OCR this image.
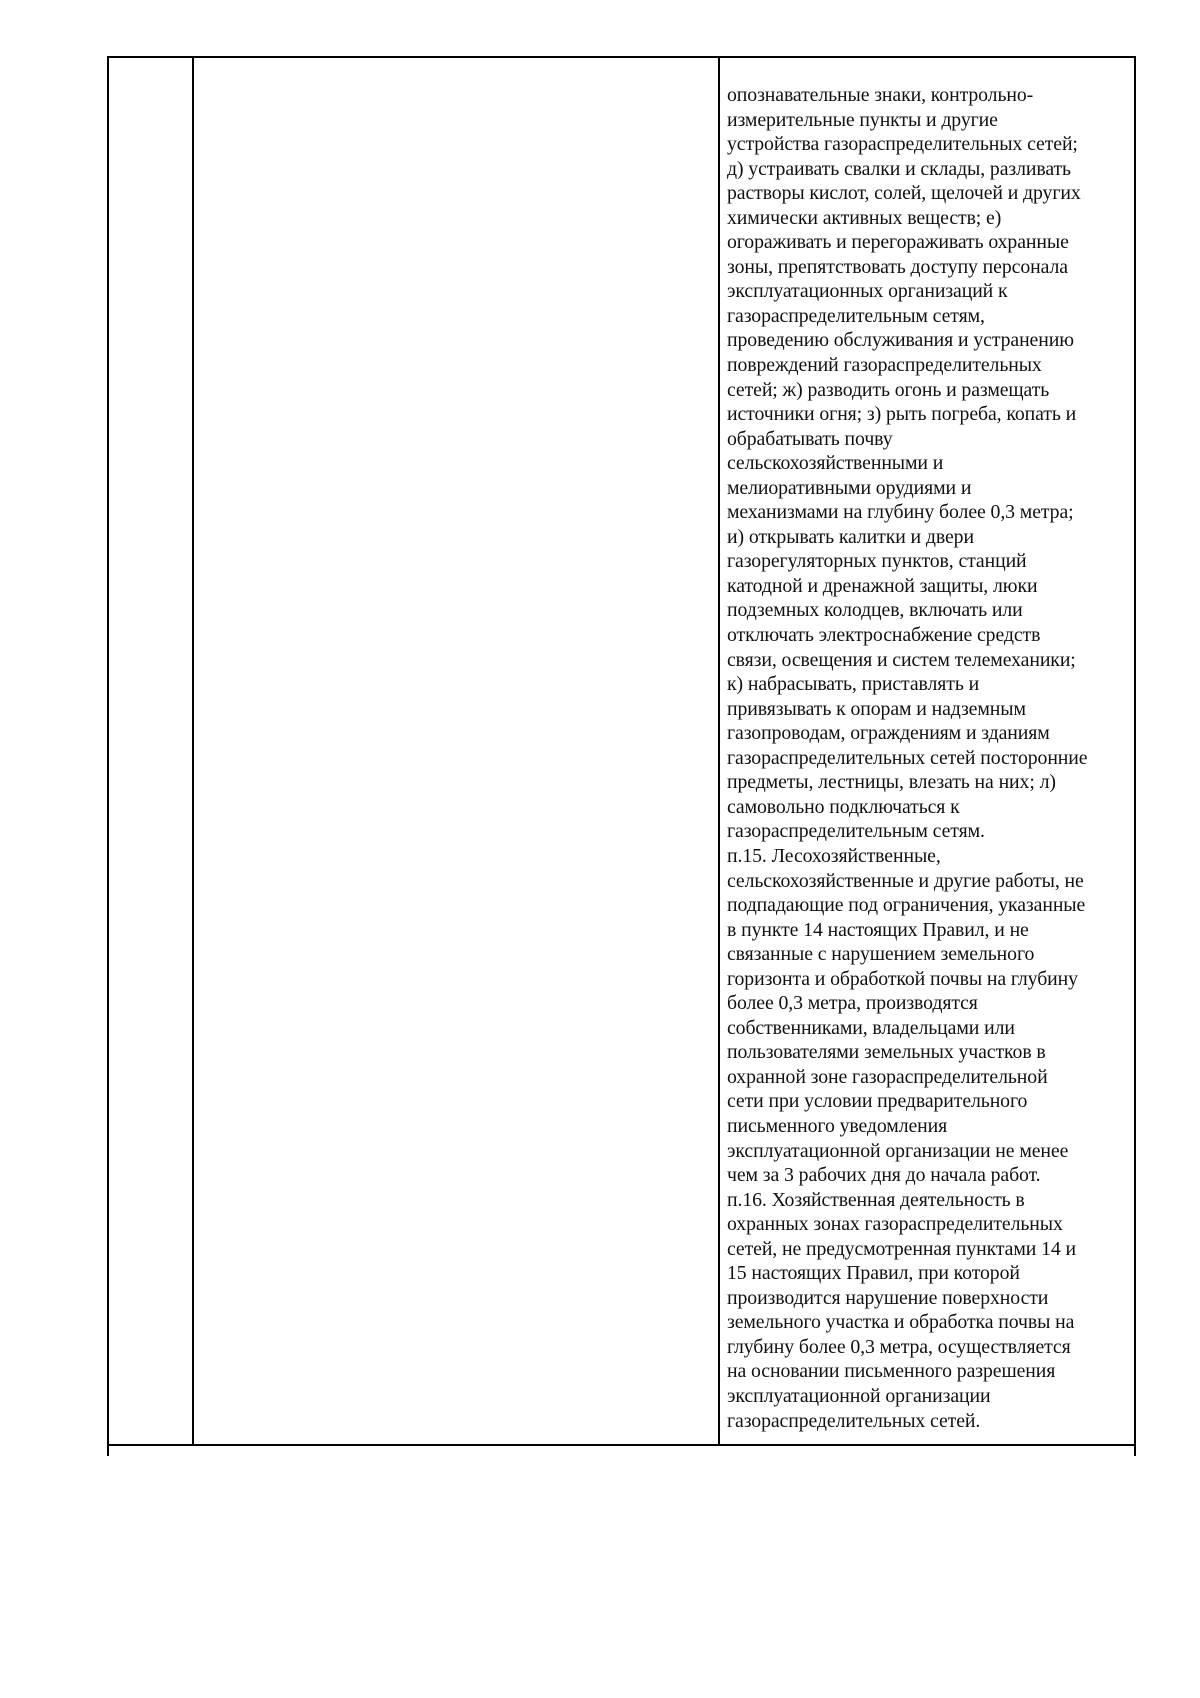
опознавательные знаки, контрольно-
измерительные пункты и другие
устройства газораспределительных сетей;
д) устраивать свалки и склады, разливать
растворы кислот, солей, щелочей и других
химически активных веществ; е)
огораживать и перегораживать охранные
зоны, препятствовать доступу персонала
эксплуатационных организаций к
газораспределительным сетям,
проведению обслуживания и устранению
повреждений газораспределительных
сетей; ж) разводить огонь и размещать
источники огня; з) рыть погреба, копать и
обрабатывать почву
сельскохозяйственными и
мелиоративными орудиями и
механизмами на глубину более 0,3 метра;
и) открывать калитки и двери
газорегуляторных пунктов, станций
катодной и дренажной защиты, люки
подземных колодцев, включать или
отключать электроснабжение средств
связи, освещения и систем телемеханики;
к) набрасывать, приставлять и
привязывать к опорам и надземным
газопроводам, ограждениям и зданиям
газораспределительных сетей посторонние
предметы, лестницы, влезать на них; л)
самовольно подключаться к
газораспределительным сетям.
п.15. Лесохозяйственные,
сельскохозяйственные и другие работы, не
подпадающие под ограничения, указанные
в пункте 14 настоящих Правил, и не
связанные с нарушением земельного
горизонта и обработкой почвы на глубину
более 0,3 метра, производятся
собственниками, владельцами или
пользователями земельных участков в
охранной зоне газораспределительной
сети при условии предварительного
письменного уведомления
эксплуатационной организации не менее
чем за 3 рабочих дня до начала работ.
п.16. Хозяйственная деятельность в
охранных зонах газораспределительных
сетей, не предусмотренная пунктами 14 и
15 настоящих Правил, при которой
производится нарушение поверхности
земельного участка и обработка почвы на
глубину более 0,3 метра, осуществляется
на основании письменного разрешения
эксплуатационной организации
газораспределительных сетей.
